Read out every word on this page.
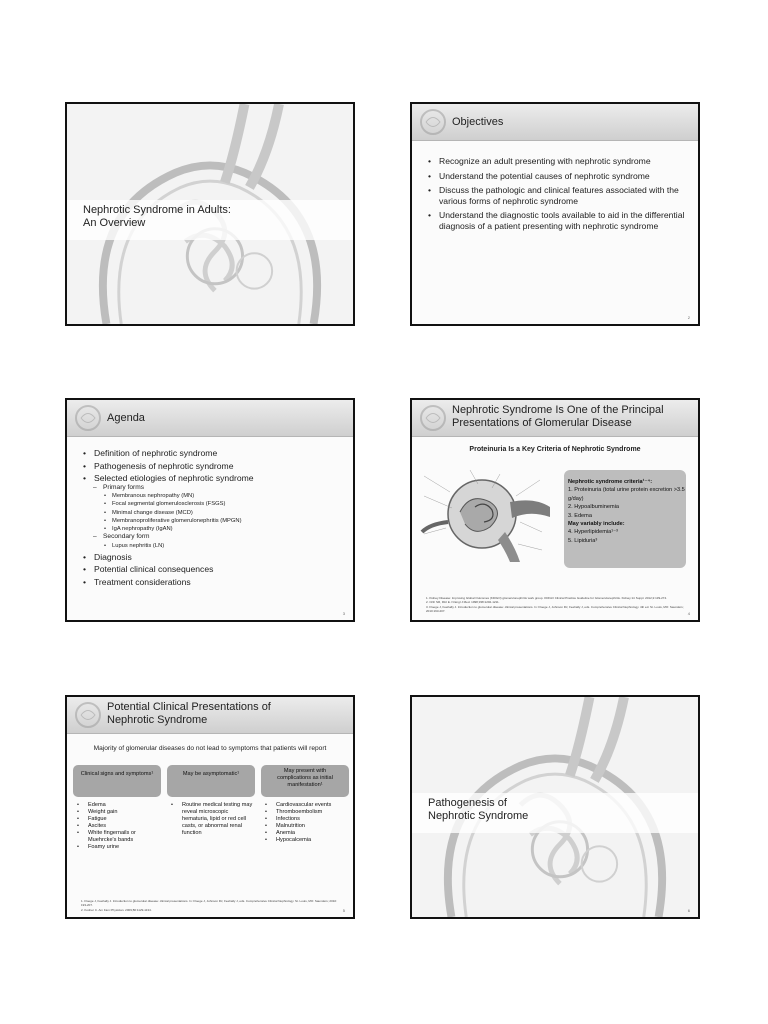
Nephrotic Syndrome in Adults:
An Overview
Objectives
• Recognize an adult presenting with nephrotic syndrome
• Understand the potential causes of nephrotic syndrome
• Discuss the pathologic and clinical features associated with the various forms of nephrotic syndrome
• Understand the diagnostic tools available to aid in the differential diagnosis of a patient presenting with nephrotic syndrome
2
Agenda
• Definition of nephrotic syndrome
• Pathogenesis of nephrotic syndrome
• Selected etiologies of nephrotic syndrome
– Primary forms
• Membranous nephropathy (MN)
• Focal segmental glomerulosclerosis (FSGS)
• Minimal change disease (MCD)
• Membranoproliferative glomerulonephritis (MPGN)
• IgA nephropathy (IgAN)
– Secondary form
• Lupus nephritis (LN)
• Diagnosis
• Potential clinical consequences
• Treatment considerations
3
Nephrotic Syndrome Is One of the Principal
Presentations of Glomerular Disease
Proteinuria Is a Key Criteria of Nephrotic Syndrome
Nephrotic syndrome criteria¹⁻⁴:
1. Proteinuria (total urine protein excretion >3.5 g/day)
2. Hypoalbuminemia
3. Edema
May variably include:
4. Hyperlipidemia¹⁻³
5. Lipiduria³
1. Kidney Disease: Improving Global Outcomes (KDIGO) glomerulonephritis work group. KDIGO Clinical Practice Guideline for Glomerulonephritis. Kidney Int Suppl. 2012;2:139-274.
2. Orth SR, Ritz E. N Engl J Med. 1998;338:1202-1211.
3. Floege J, Feehally J. Introduction to glomerular disease: clinical presentations. In: Floege J, Johnson RJ, Feehally J, eds. Comprehensive Clinical Nephrology. 4th ed. St. Louis, MO: Saunders; 2010:193-207.
4
Potential Clinical Presentations of
Nephrotic Syndrome
Majority of glomerular diseases do not lead to symptoms that patients will report
Clinical signs and symptoms¹	May be asymptomatic¹	May present with complications as initial manifestation¹
• Edema
• Weight gain
• Fatigue
• Ascites
• White fingernails or Muehrcke's bands
• Foamy urine
• Routine medical testing may reveal microscopic hematuria, lipid or red cell casts, or abnormal renal function
• Cardiovascular events
• Thromboembolism
• Infections
• Malnutrition
• Anemia
• Hypocalcemia
1. Floege J, Feehally J. Introduction to glomerular disease: clinical presentations. In: Floege J, Johnson RJ, Feehally J, eds. Comprehensive Clinical Nephrology. St. Louis, MO: Saunders; 2010: 193-207.
2. Kodner C. Am Fam Physician. 2009;80:1129-1134.	5
Pathogenesis of
Nephrotic Syndrome
6
